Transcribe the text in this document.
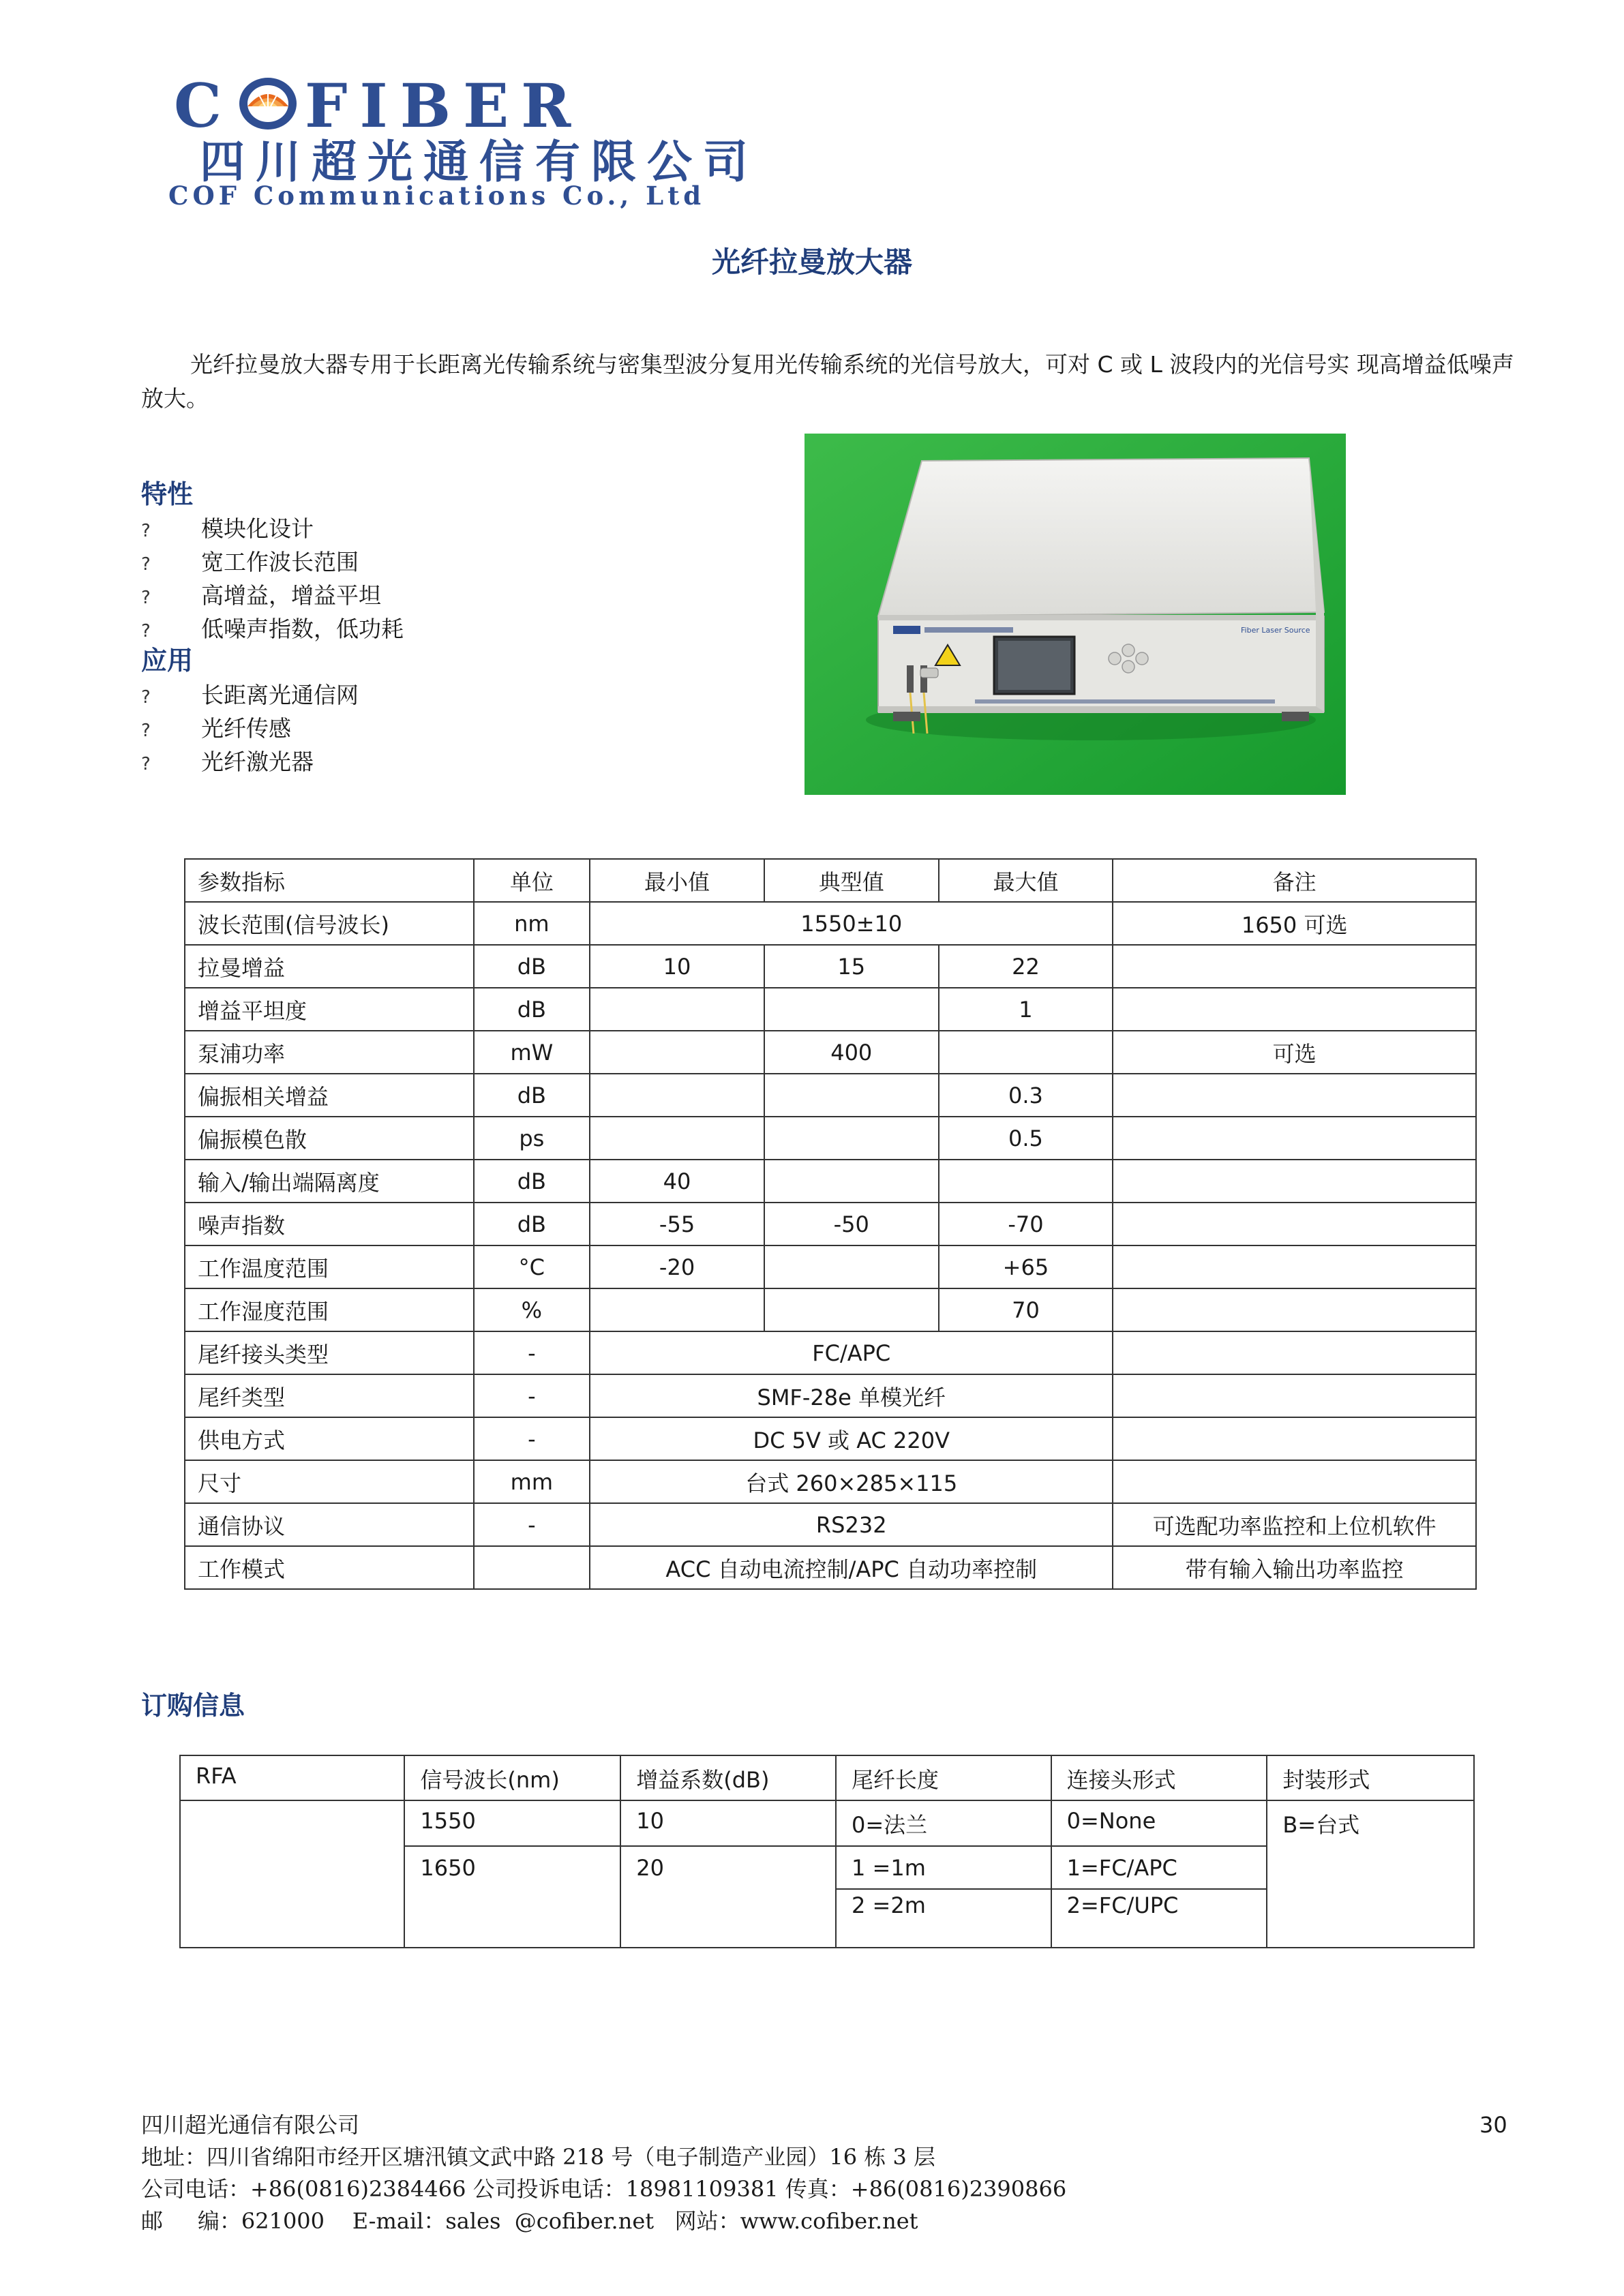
C FIBER
四川超光通信有限公司
COF Communications Co., Ltd
光纤拉曼放大器
光纤拉曼放大器专用于长距离光传输系统与密集型波分复用光传输系统的光信号放大，可对 C 或 L 波段内的光信号实 现高增益低噪声放大。
特性
? 模块化设计
? 宽工作波长范围
? 高增益，增益平坦
? 低噪声指数，低功耗
应用
? 长距离光通信网
? 光纤传感
? 光纤激光器
Fiber Laser Source
参数指标	单位	最小值	典型值	最大值	备注
波长范围(信号波长)	nm	1550±10			1650 可选
拉曼增益	dB	10	15	22	
增益平坦度	dB			1	
泵浦功率	mW		400		可选
偏振相关增益	dB			0.3	
偏振模色散	ps			0.5	
输入/输出端隔离度	dB	40			
噪声指数	dB	-55	-50	-70	
工作温度范围	°C	-20		+65	
工作湿度范围	%			70	
尾纤接头类型	-	FC/APC			
尾纤类型	-	SMF-28e 单模光纤			
供电方式	-	DC 5V 或 AC 220V			
尺寸	mm	台式 260×285×115			
通信协议	-	RS232			可选配功率监控和上位机软件
工作模式		ACC 自动电流控制/APC 自动功率控制			带有输入输出功率监控
订购信息
RFA	信号波长(nm)	增益系数(dB)	尾纤长度	连接头形式	封装形式
	1550	10	0=法兰	0=None	B=台式
	1650	20	1 =1m	1=FC/APC	
			2 =2m	2=FC/UPC	
四川超光通信有限公司	30
地址：四川省绵阳市经开区塘汛镇文武中路 218 号（电子制造产业园）16 栋 3 层
公司电话：+86(0816)2384466 公司投诉电话：18981109381 传真：+86(0816)2390866
邮     编：621000    E-mail：sales  @cofiber.net   网站：www.cofiber.net
